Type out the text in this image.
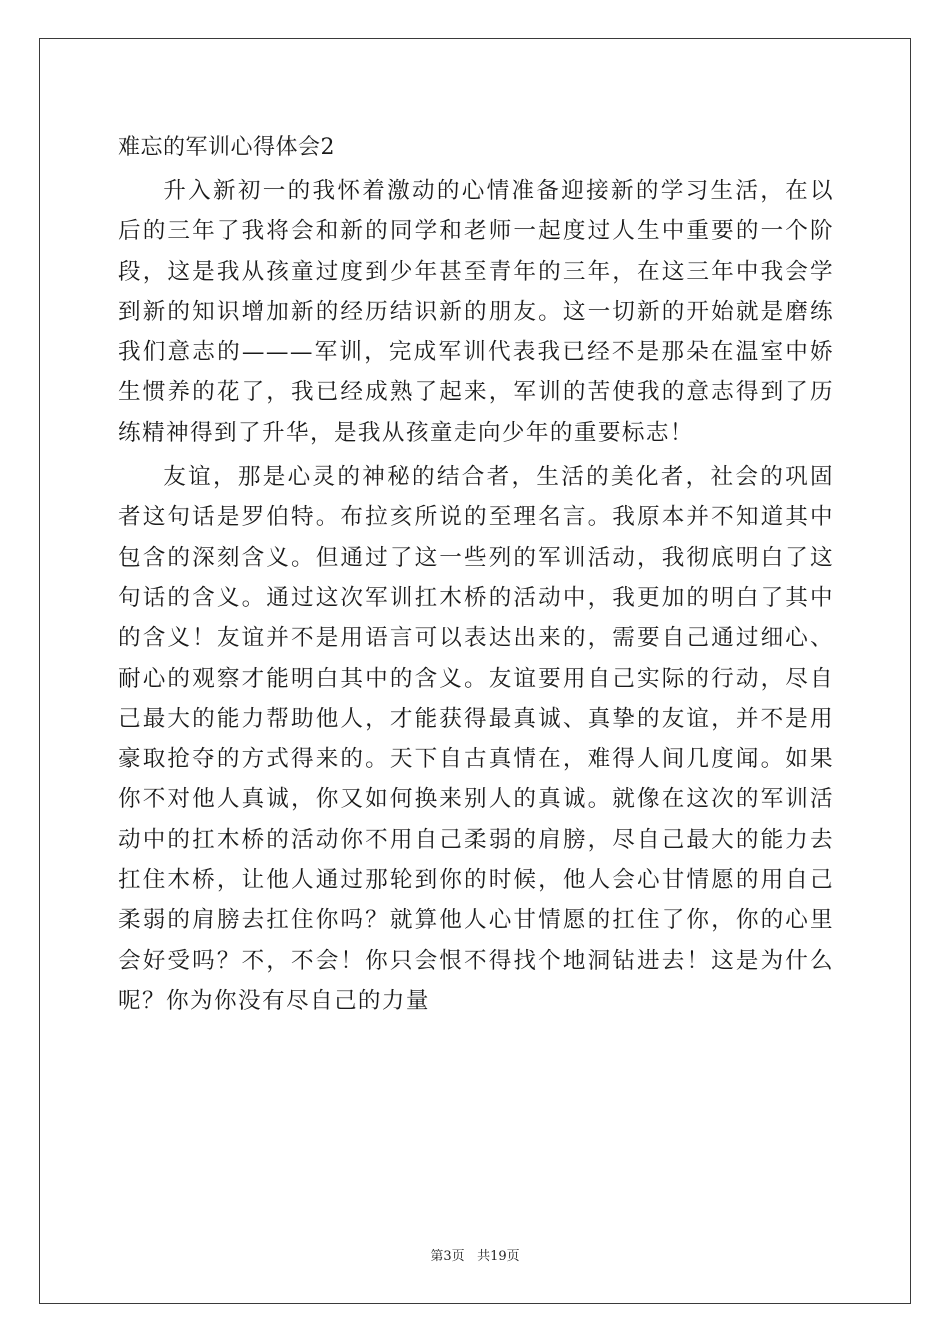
难忘的军训心得体会2

升入新初一的我怀着激动的心情准备迎接新的学习生活，在以后的三年了我将会和新的同学和老师一起度过人生中重要的一个阶段，这是我从孩童过度到少年甚至青年的三年，在这三年中我会学到新的知识增加新的经历结识新的朋友。这一切新的开始就是磨练我们意志的———军训，完成军训代表我已经不是那朵在温室中娇生惯养的花了，我已经成熟了起来，军训的苦使我的意志得到了历练精神得到了升华，是我从孩童走向少年的重要标志！

友谊，那是心灵的神秘的结合者，生活的美化者，社会的巩固者这句话是罗伯特。布拉亥所说的至理名言。我原本并不知道其中包含的深刻含义。但通过了这一些列的军训活动，我彻底明白了这句话的含义。通过这次军训扛木桥的活动中，我更加的明白了其中的含义！友谊并不是用语言可以表达出来的，需要自己通过细心、耐心的观察才能明白其中的含义。友谊要用自己实际的行动，尽自己最大的能力帮助他人，才能获得最真诚、真挚的友谊，并不是用豪取抢夺的方式得来的。天下自古真情在，难得人间几度闻。如果你不对他人真诚，你又如何换来别人的真诚。就像在这次的军训活动中的扛木桥的活动你不用自己柔弱的肩膀，尽自己最大的能力去扛住木桥，让他人通过那轮到你的时候，他人会心甘情愿的用自己柔弱的肩膀去扛住你吗？就算他人心甘情愿的扛住了你，你的心里会好受吗？不，不会！你只会恨不得找个地洞钻进去！这是为什么呢？你为你没有尽自己的力量

第3页 共19页
